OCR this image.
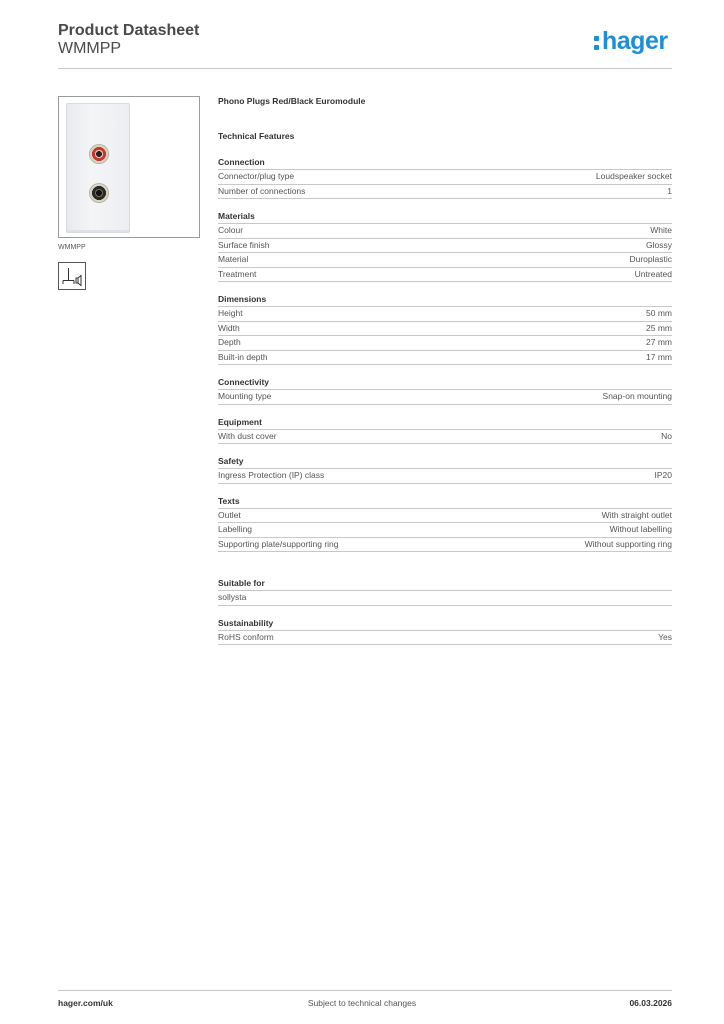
Product Datasheet
WMMPP	hager
WMMPP
Phono Plugs Red/Black Euromodule
Technical Features
Connection
Connector/plug type	Loudspeaker socket
Number of connections	1
Materials
Colour	White
Surface finish	Glossy
Material	Duroplastic
Treatment	Untreated
Dimensions
Height	50 mm
Width	25 mm
Depth	27 mm
Built-in depth	17 mm
Connectivity
Mounting type	Snap-on mounting
Equipment
With dust cover	No
Safety
Ingress Protection (IP) class	IP20
Texts
Outlet	With straight outlet
Labelling	Without labelling
Supporting plate/supporting ring	Without supporting ring
Suitable for
sollysta
Sustainability
RoHS conform	Yes
hager.com/uk	Subject to technical changes	06.03.2026
